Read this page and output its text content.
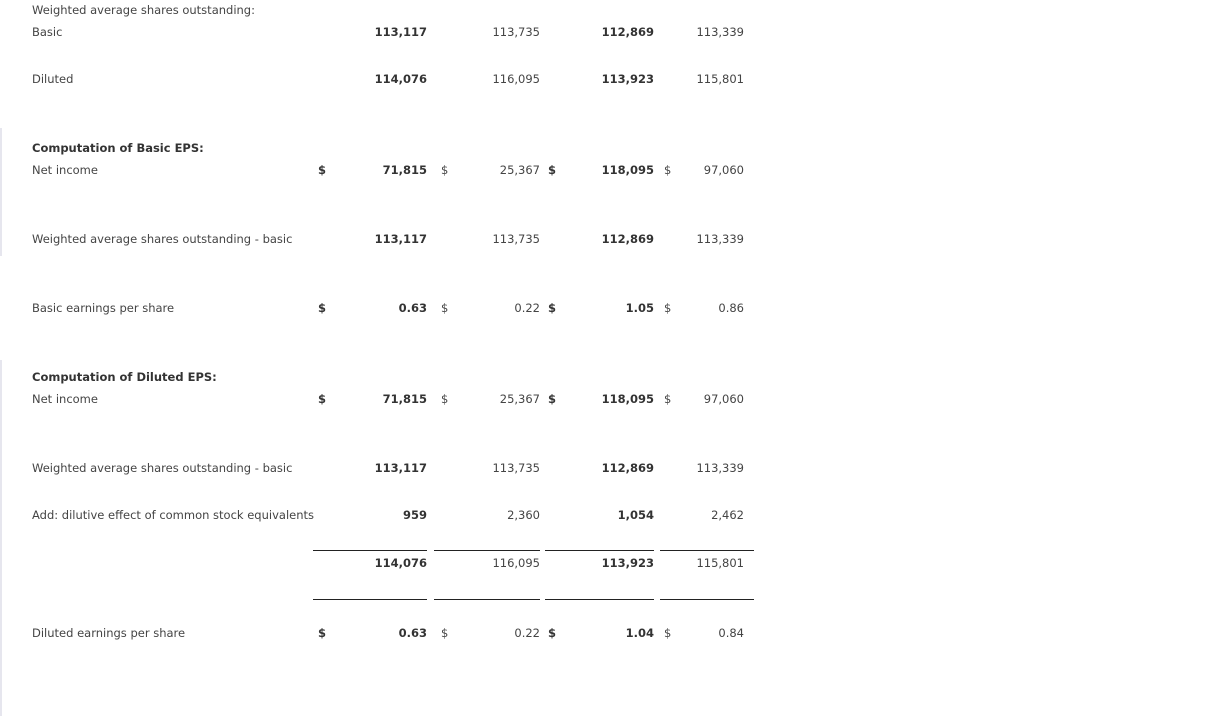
Weighted average shares outstanding:
Basic	113,117	113,735	112,869	113,339
Diluted	114,076	116,095	113,923	115,801
Computation of Basic EPS:
Net income	$	71,815 $	25,367 $	118,095 $	97,060
Weighted average shares outstanding - basic	113,117	113,735	112,869	113,339
Basic earnings per share	$	0.63 $	0.22 $	1.05 $	0.86
Computation of Diluted EPS:
Net income	$	71,815 $	25,367 $	118,095 $	97,060
Weighted average shares outstanding - basic	113,117	113,735	112,869	113,339
Add: dilutive effect of common stock equivalents	959	2,360	1,054	2,462
114,076	116,095	113,923	115,801
Diluted earnings per share	$	0.63 $	0.22 $	1.04 $	0.84
